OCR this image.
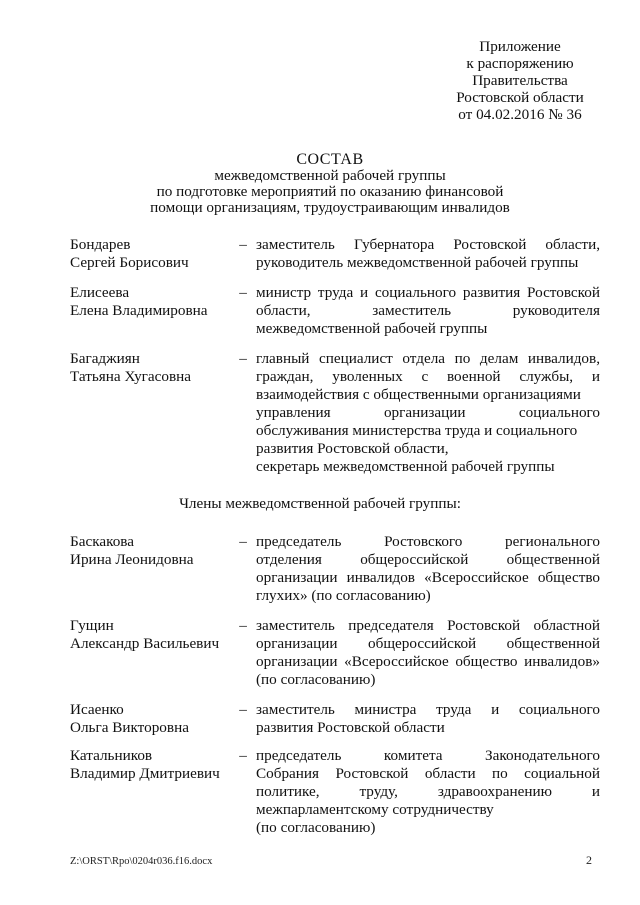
Приложение
к распоряжению
Правительства
Ростовской области
от 04.02.2016 № 36
СОСТАВ
межведомственной рабочей группы
по подготовке мероприятий по оказанию финансовой
помощи организациям, трудоустраивающим инвалидов
Бондарев
Сергей Борисович
– заместитель Губернатора Ростовской области,
руководитель межведомственной рабочей группы
Елисеева
Елена Владимировна
– министр труда и социального развития Ростовской
области, заместитель руководителя
межведомственной рабочей группы
Багаджиян
Татьяна Хугасовна
– главный специалист отдела по делам инвалидов,
граждан, уволенных с военной службы, и
взаимодействия с общественными организациями
управления организации социального
обслуживания министерства труда и социального
развития Ростовской области,
секретарь межведомственной рабочей группы
Члены межведомственной рабочей группы:
Баскакова
Ирина Леонидовна
– председатель Ростовского регионального
отделения общероссийской общественной
организации инвалидов «Всероссийское общество
глухих» (по согласованию)
Гущин
Александр Васильевич
– заместитель председателя Ростовской областной
организации общероссийской общественной
организации «Всероссийское общество инвалидов»
(по согласованию)
Исаенко
Ольга Викторовна
– заместитель министра труда и социального
развития Ростовской области
Катальников
Владимир Дмитриевич
– председатель комитета Законодательного
Собрания Ростовской области по социальной
политике, труду, здравоохранению и
межпарламентскому сотрудничеству
(по согласованию)
Z:\ORST\Rpo\0204r036.f16.docx	2
